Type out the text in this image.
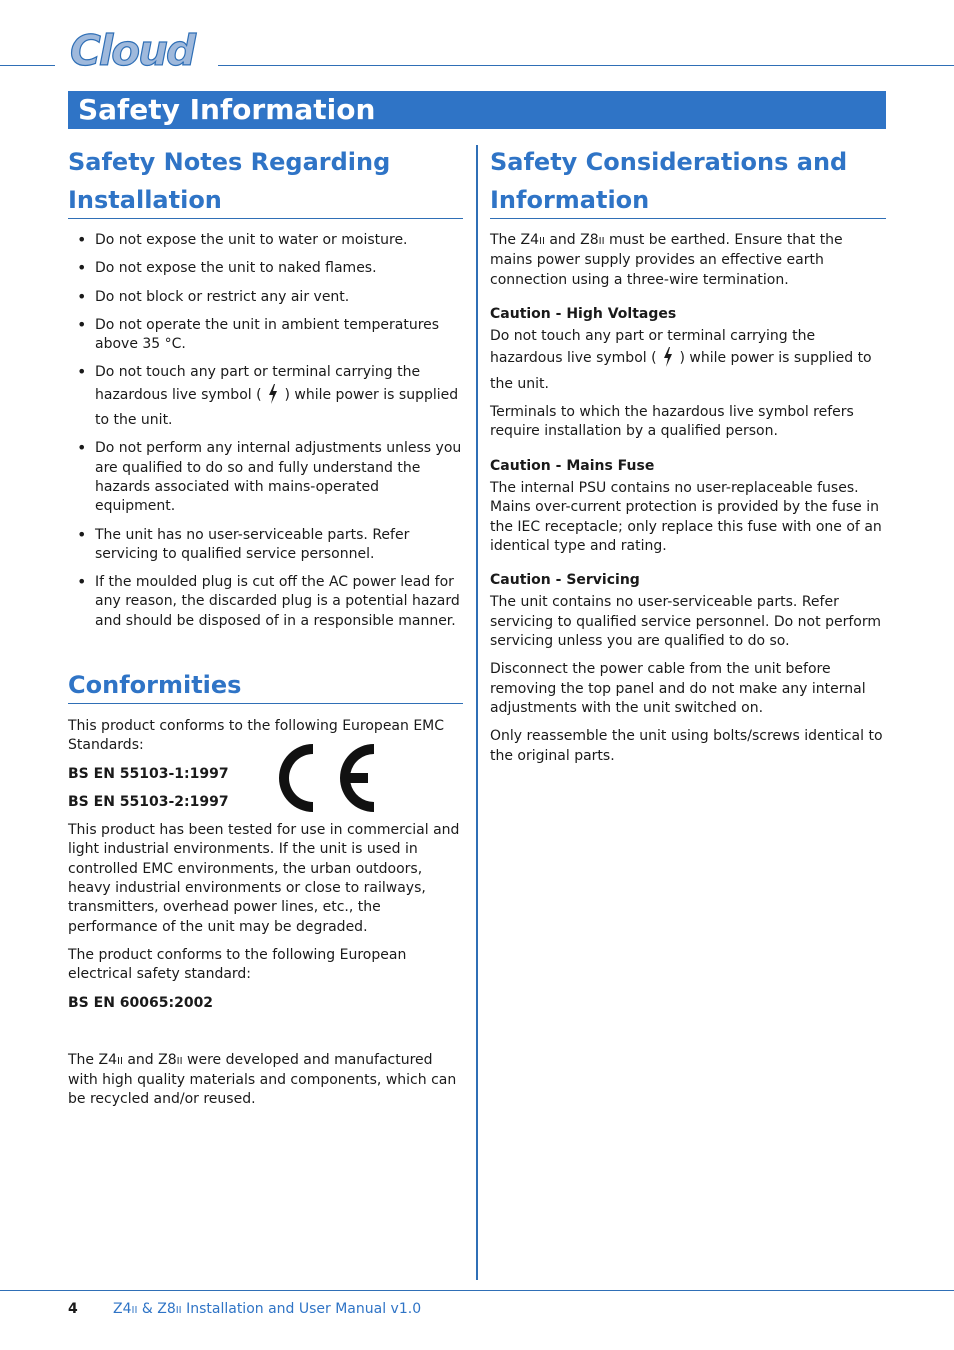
Cloud
Safety Information
Safety Notes Regarding
Installation
• Do not expose the unit to water or moisture.
• Do not expose the unit to naked flames.
• Do not block or restrict any air vent.
• Do not operate the unit in ambient temperatures above 35 °C.
• Do not touch any part or terminal carrying the hazardous live symbol (  ) while power is supplied to the unit.
• Do not perform any internal adjustments unless you are qualified to do so and fully understand the hazards associated with mains-operated equipment.
• The unit has no user-serviceable parts. Refer servicing to qualified service personnel.
• If the moulded plug is cut off the AC power lead for any reason, the discarded plug is a potential hazard and should be disposed of in a responsible manner.
Conformities

This product conforms to the following European EMC Standards:

BS EN 55103-1:1997

BS EN 55103-2:1997

This product has been tested for use in commercial and light industrial environments. If the unit is used in controlled EMC environments, the urban outdoors, heavy industrial environments or close to railways, transmitters, overhead power lines, etc., the performance of the unit may be degraded.

The product conforms to the following European electrical safety standard:

BS EN 60065:2002

The Z4II and Z8II were developed and manufactured with high quality materials and components, which can be recycled and/or reused.

Safety Considerations and
Information

The Z4II and Z8II must be earthed. Ensure that the mains power supply provides an effective earth connection using a three-wire termination.

Caution - High Voltages

Do not touch any part or terminal carrying the hazardous live symbol (  ) while power is supplied to the unit.

Terminals to which the hazardous live symbol refers require installation by a qualified person.

Caution - Mains Fuse

The internal PSU contains no user-replaceable fuses. Mains over-current protection is provided by the fuse in the IEC receptacle; only replace this fuse with one of an identical type and rating.

Caution - Servicing

The unit contains no user-serviceable parts. Refer servicing to qualified service personnel. Do not perform servicing unless you are qualified to do so.

Disconnect the power cable from the unit before removing the top panel and do not make any internal adjustments with the unit switched on.

Only reassemble the unit using bolts/screws identical to the original parts.

4	Z4II & Z8II Installation and User Manual v1.0
